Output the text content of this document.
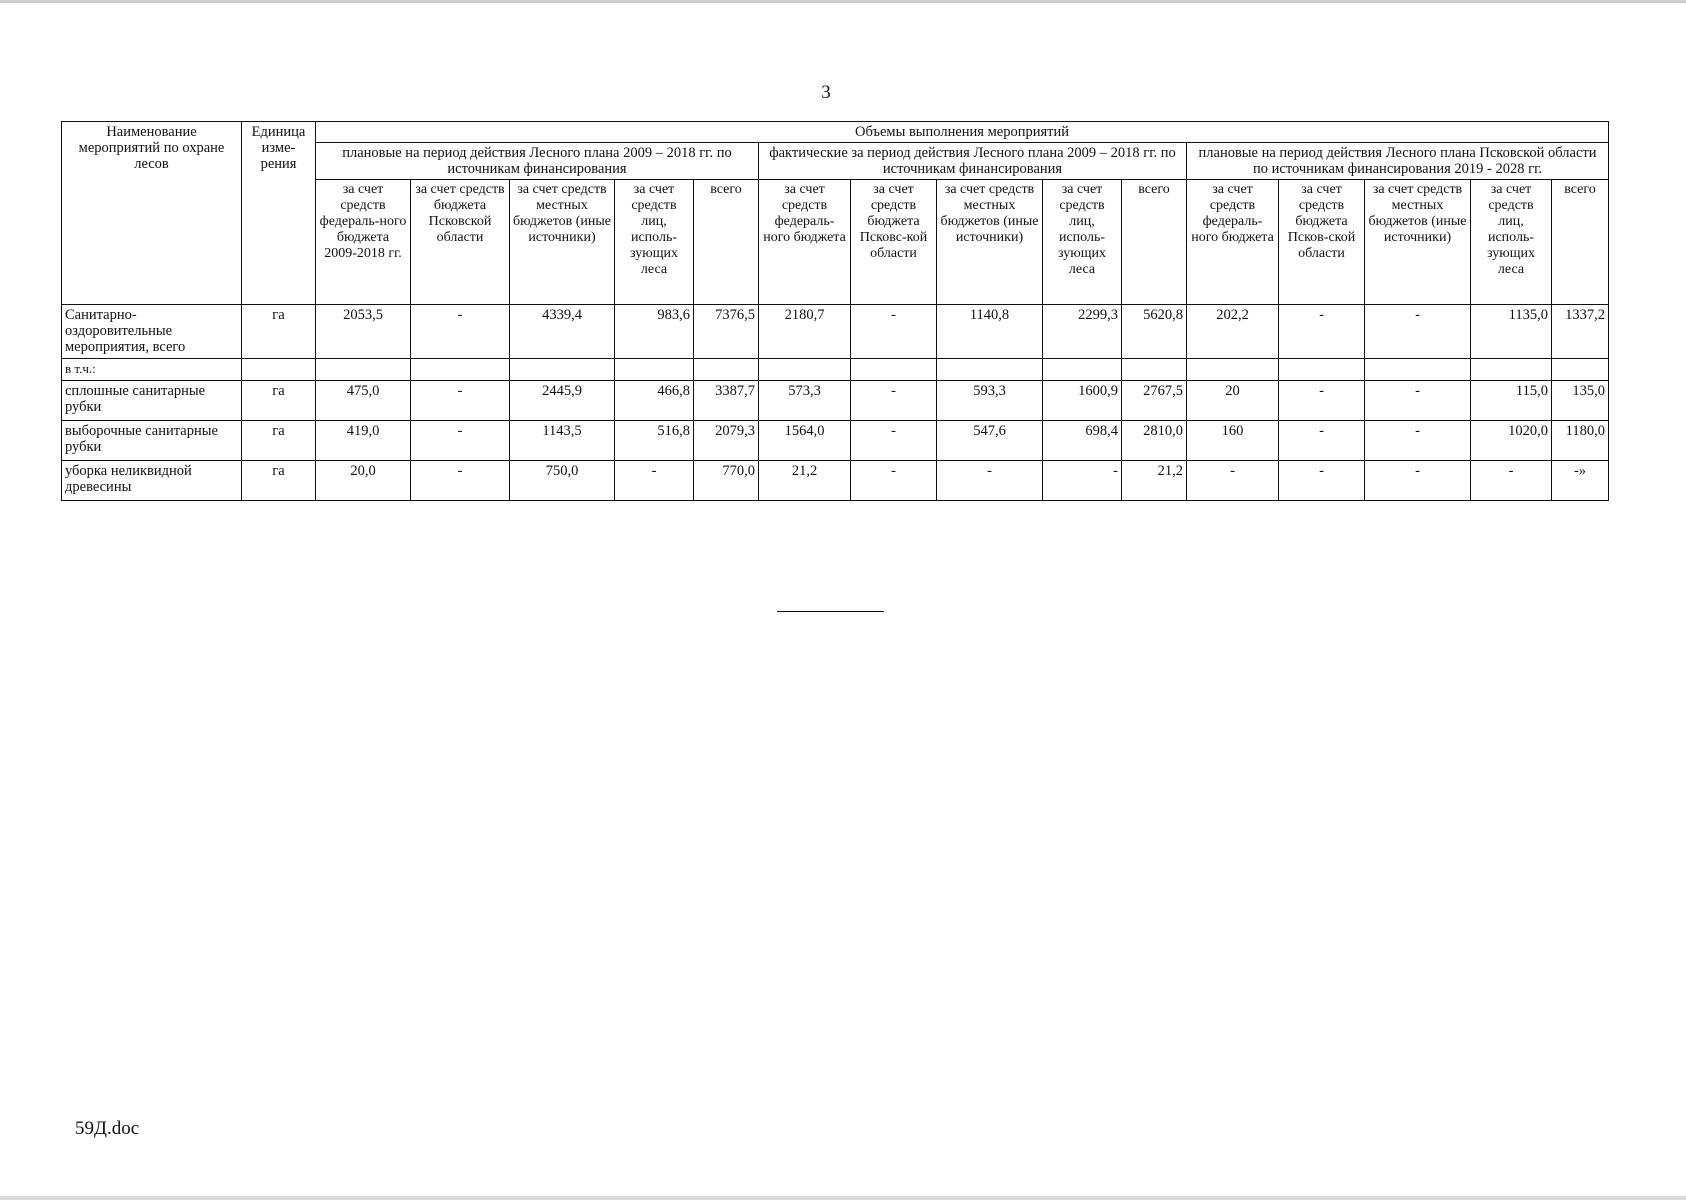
3
Наименование мероприятий по охране лесов	Единица изме-рения	Объемы выполнения мероприятий														
		плановые на период действия Лесного плана 2009 – 2018 гг. по источникам финансирования					фактические за период действия Лесного плана 2009 – 2018 гг. по источникам финансирования					плановые на период действия Лесного плана Псковской области по источникам финансирования 2019 - 2028 гг.				
		за счет средств федераль-ного бюджета 2009-2018 гг.	за счет средств бюджета Псковской области	за счет средств местных бюджетов (иные источники)	за счет средств лиц, исполь-зующих леса	всего	за счет средств федераль-ного бюджета	за счет средств бюджета Псковс-кой области	за счет средств местных бюджетов (иные источники)	за счет средств лиц, исполь-зующих леса	всего	за счет средств федераль-ного бюджета	за счет средств бюджета Псков-ской области	за счет средств местных бюджетов (иные источники)	за счет средств лиц, исполь-зующих леса	всего
Санитарно-оздоровительные мероприятия, всего	га	2053,5	-	4339,4	983,6	7376,5	2180,7	-	1140,8	2299,3	5620,8	202,2	-	-	1135,0	1337,2
в т.ч.:																
сплошные санитарные рубки	га	475,0	-	2445,9	466,8	3387,7	573,3	-	593,3	1600,9	2767,5	20	-	-	115,0	135,0
выборочные санитарные рубки	га	419,0	-	1143,5	516,8	2079,3	1564,0	-	547,6	698,4	2810,0	160	-	-	1020,0	1180,0
уборка неликвидной древесины	га	20,0	-	750,0	-	770,0	21,2	-	-	-	21,2	-	-	-	-	-»
59Д.doc
